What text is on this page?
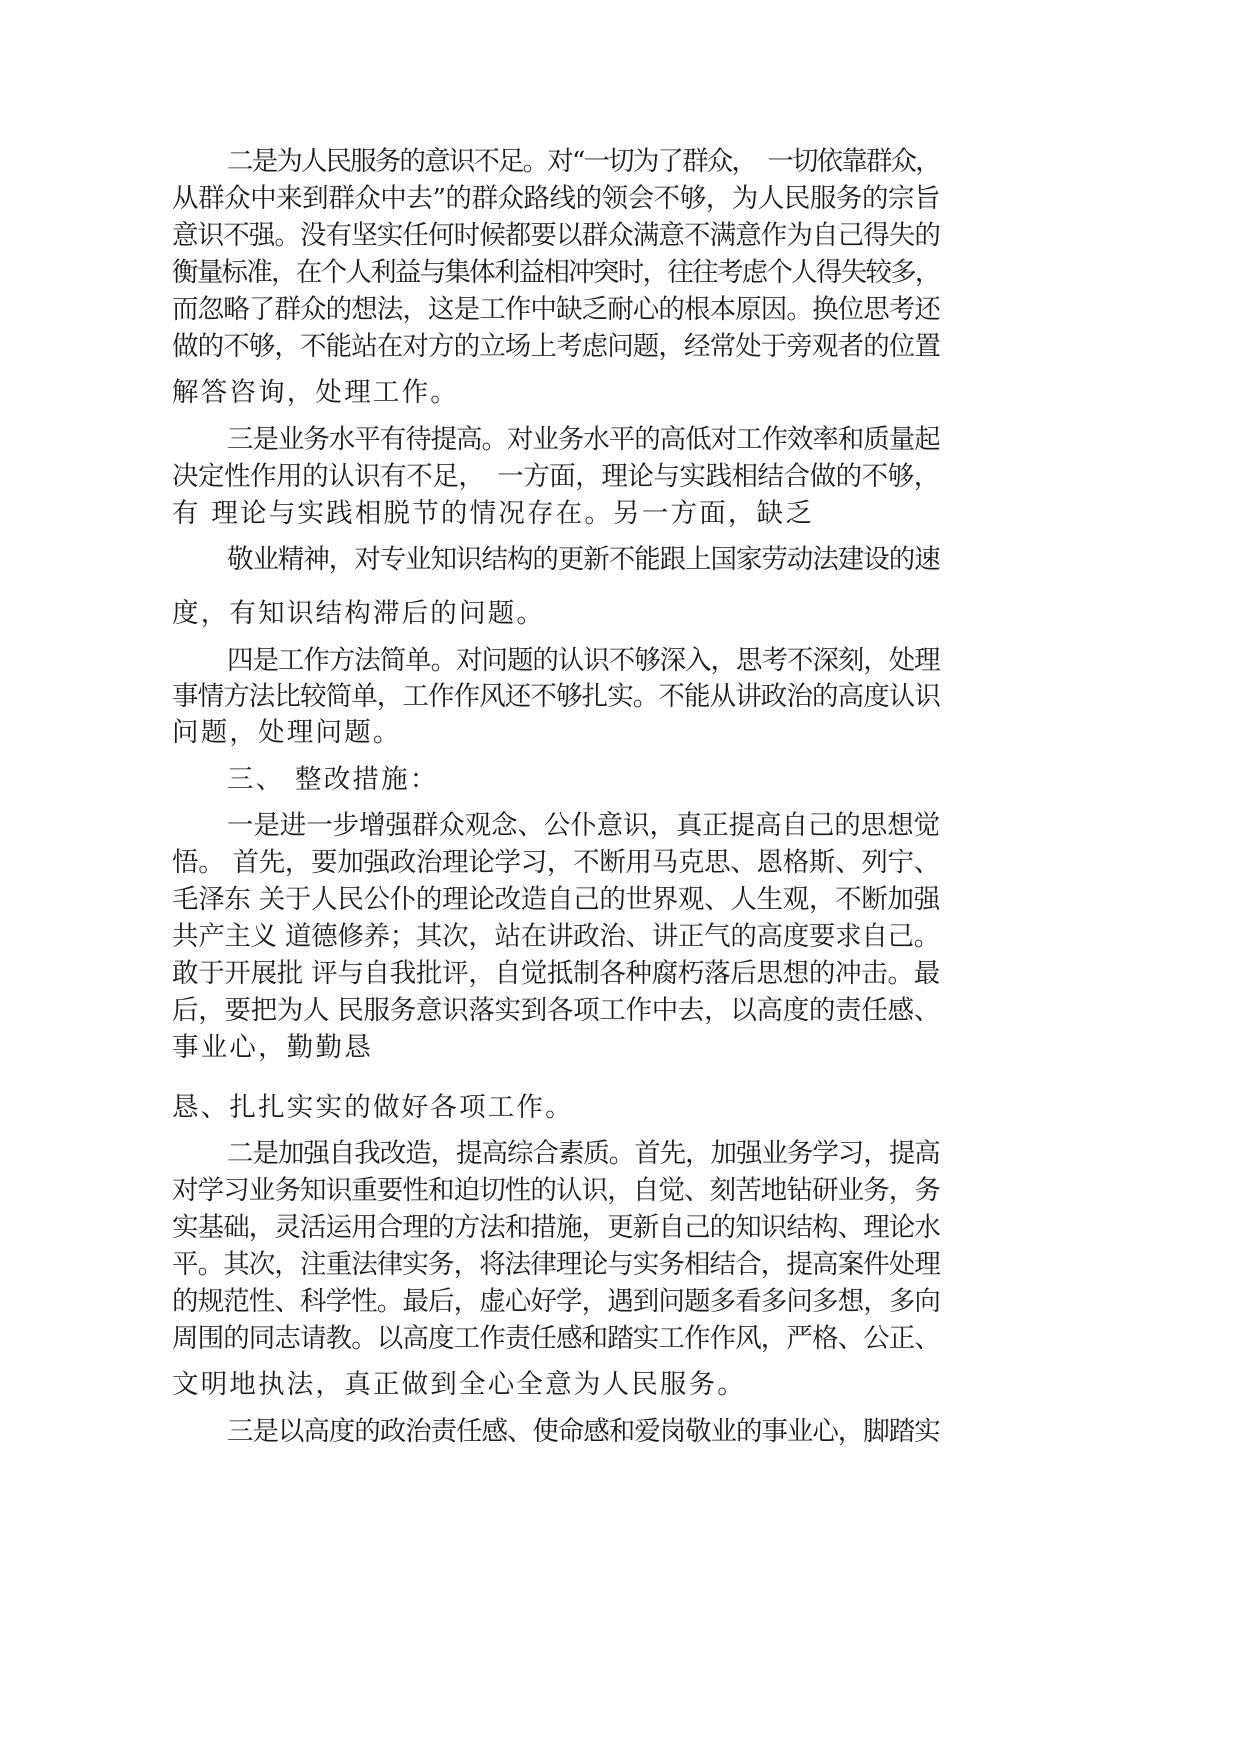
二是为人民服务的意识不足。对“一切为了群众，　一切依靠群众，
从群众中来到群众中去”的群众路线的领会不够，为人民服务的宗旨
意识不强。没有坚实任何时候都要以群众满意不满意作为自己得失的
衡量标准，在个人利益与集体利益相冲突时，往往考虑个人得失较多，
而忽略了群众的想法，这是工作中缺乏耐心的根本原因。换位思考还
做的不够，不能站在对方的立场上考虑问题，经常处于旁观者的位置
解答咨询，处理工作。
三是业务水平有待提高。对业务水平的高低对工作效率和质量起
决定性作用的认识有不足，　一方面，理论与实践相结合做的不够，
有 理论与实践相脱节的情况存在。另一方面，缺乏
敬业精神，对专业知识结构的更新不能跟上国家劳动法建设的速
度，有知识结构滞后的问题。
四是工作方法简单。对问题的认识不够深入，思考不深刻，处理
事情方法比较简单，工作作风还不够扎实。不能从讲政治的高度认识
问题，处理问题。
三、 整改措施：
一是进一步增强群众观念、公仆意识，真正提高自己的思想觉
悟。 首先，要加强政治理论学习，不断用马克思、恩格斯、列宁、
毛泽东 关于人民公仆的理论改造自己的世界观、人生观，不断加强
共产主义 道德修养；其次，站在讲政治、讲正气的高度要求自己。
敢于开展批 评与自我批评，自觉抵制各种腐朽落后思想的冲击。最
后，要把为人 民服务意识落实到各项工作中去，以高度的责任感、
事业心，勤勤恳
恳、扎扎实实的做好各项工作。
二是加强自我改造，提高综合素质。首先，加强业务学习，提高
对学习业务知识重要性和迫切性的认识，自觉、刻苦地钻研业务，务
实基础，灵活运用合理的方法和措施，更新自己的知识结构、理论水
平。其次，注重法律实务，将法律理论与实务相结合，提高案件处理
的规范性、科学性。最后，虚心好学，遇到问题多看多问多想，多向
周围的同志请教。以高度工作责任感和踏实工作作风，严格、公正、
文明地执法，真正做到全心全意为人民服务。
三是以高度的政治责任感、使命感和爱岗敬业的事业心，脚踏实
